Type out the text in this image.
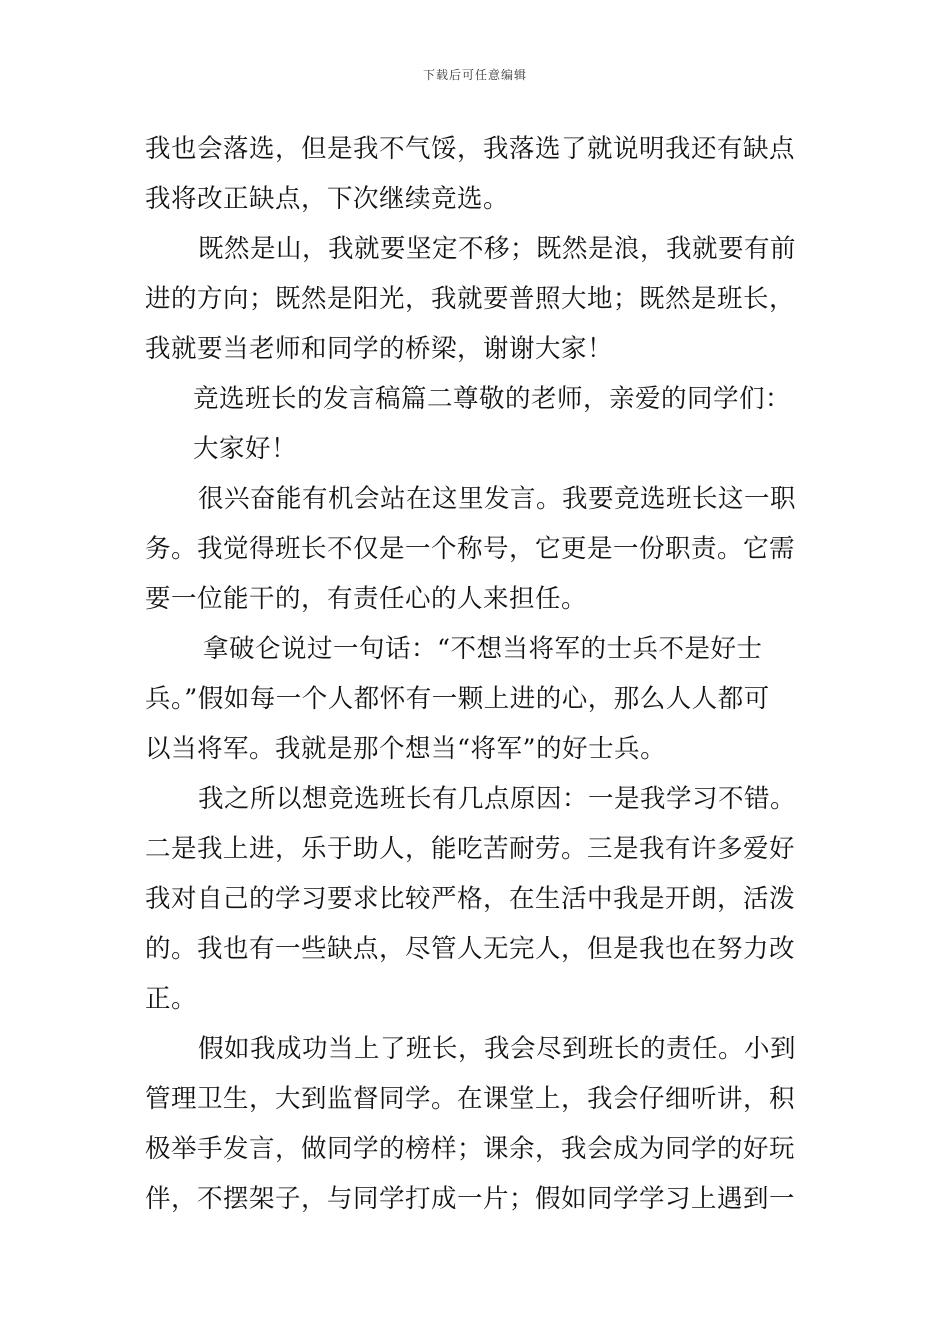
下载后可任意编辑
我也会落选，但是我不气馁，我落选了就说明我还有缺点
我将改正缺点，下次继续竞选。
既然是山，我就要坚定不移；既然是浪，我就要有前
进的方向；既然是阳光，我就要普照大地；既然是班长，
我就要当老师和同学的桥梁，谢谢大家！
竞选班长的发言稿篇二尊敬的老师，亲爱的同学们：
大家好！
很兴奋能有机会站在这里发言。我要竞选班长这一职
务。我觉得班长不仅是一个称号，它更是一份职责。它需
要一位能干的，有责任心的人来担任。
拿破仑说过一句话：“不想当将军的士兵不是好士
兵。”假如每一个人都怀有一颗上进的心，那么人人都可
以当将军。我就是那个想当“将军”的好士兵。
我之所以想竞选班长有几点原因：一是我学习不错。
二是我上进，乐于助人，能吃苦耐劳。三是我有许多爱好
我对自己的学习要求比较严格，在生活中我是开朗，活泼
的。我也有一些缺点，尽管人无完人，但是我也在努力改
正。
假如我成功当上了班长，我会尽到班长的责任。小到
管理卫生，大到监督同学。在课堂上，我会仔细听讲，积
极举手发言，做同学的榜样；课余，我会成为同学的好玩
伴，不摆架子，与同学打成一片；假如同学学习上遇到一
